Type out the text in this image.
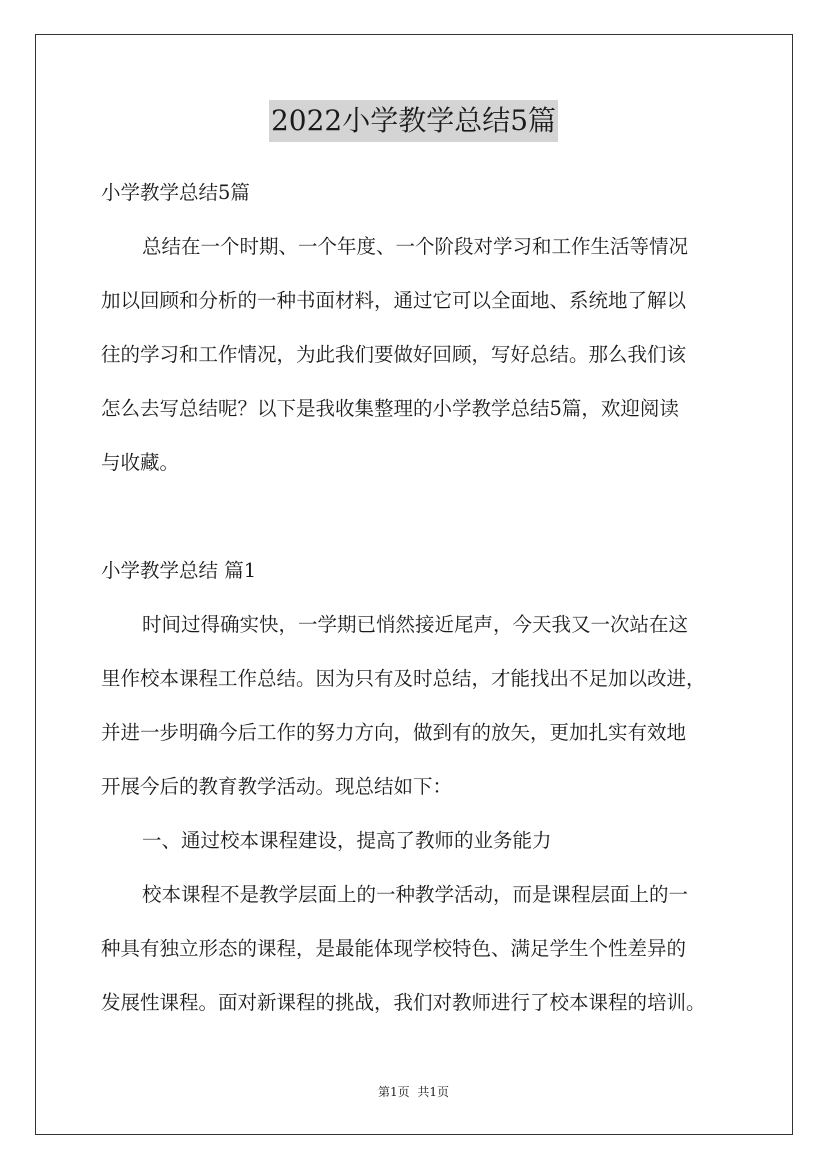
2022小学教学总结5篇
小学教学总结5篇
总结在一个时期、一个年度、一个阶段对学习和工作生活等情况
加以回顾和分析的一种书面材料，通过它可以全面地、系统地了解以
往的学习和工作情况，为此我们要做好回顾，写好总结。那么我们该
怎么去写总结呢？以下是我收集整理的小学教学总结5篇，欢迎阅读
与收藏。
小学教学总结 篇1
时间过得确实快，一学期已悄然接近尾声，今天我又一次站在这
里作校本课程工作总结。因为只有及时总结，才能找出不足加以改进，
并进一步明确今后工作的努力方向，做到有的放矢，更加扎实有效地
开展今后的教育教学活动。现总结如下：
一、通过校本课程建设，提高了教师的业务能力
校本课程不是教学层面上的一种教学活动，而是课程层面上的一
种具有独立形态的课程，是最能体现学校特色、满足学生个性差异的
发展性课程。面对新课程的挑战，我们对教师进行了校本课程的培训。
第1页 共1页
